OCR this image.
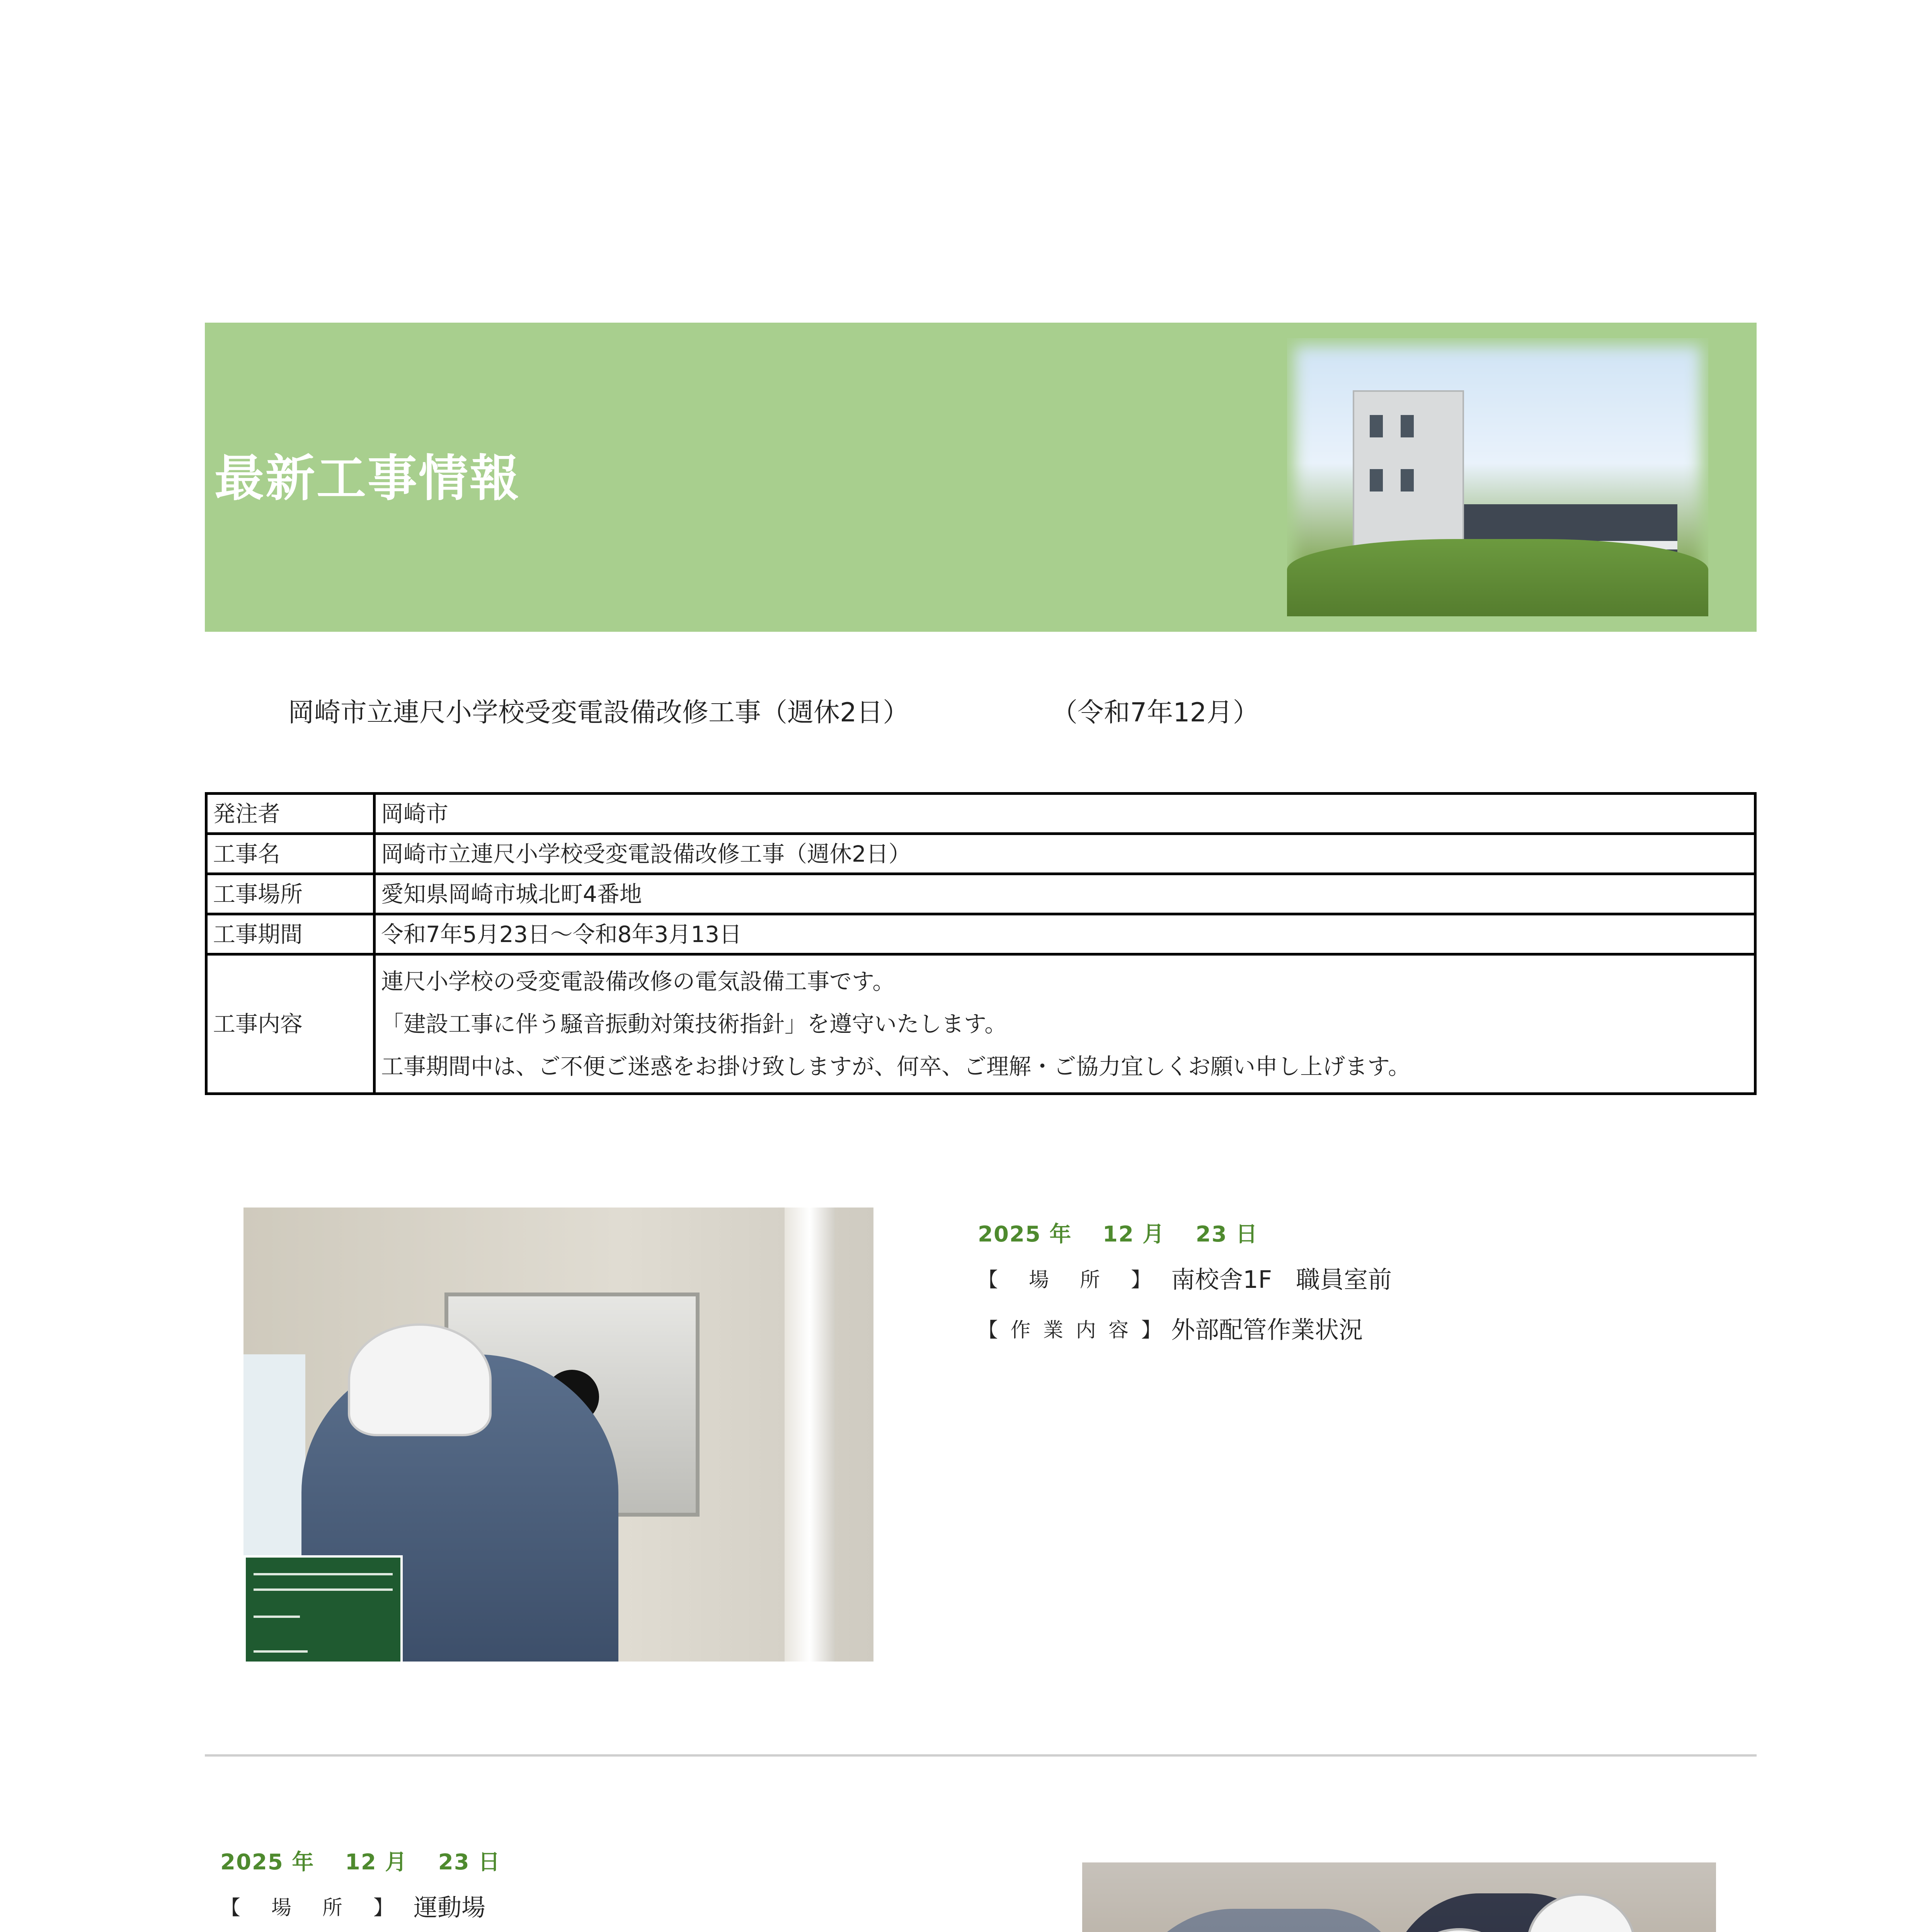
最新工事情報
岡崎市立連尺小学校受変電設備改修工事（週休2日）	（令和7年12月）
発注者	岡崎市
工事名	岡崎市立連尺小学校受変電設備改修工事（週休2日）
工事場所	愛知県岡崎市城北町4番地
工事期間	令和7年5月23日～令和8年3月13日
工事内容	連尺小学校の受変電設備改修の電気設備工事です。
「建設工事に伴う騒音振動対策技術指針」を遵守いたします。
工事期間中は、ご不便ご迷惑をお掛け致しますが、何卒、ご理解・ご協力宜しくお願い申し上げます。
2025 年　 12 月　 23 日
【　場　所　】 南校舎1F　職員室前
【 作 業 内 容 】 外部配管作業状況
2025 年　 12 月　 23 日
【　場　所　】 運動場
